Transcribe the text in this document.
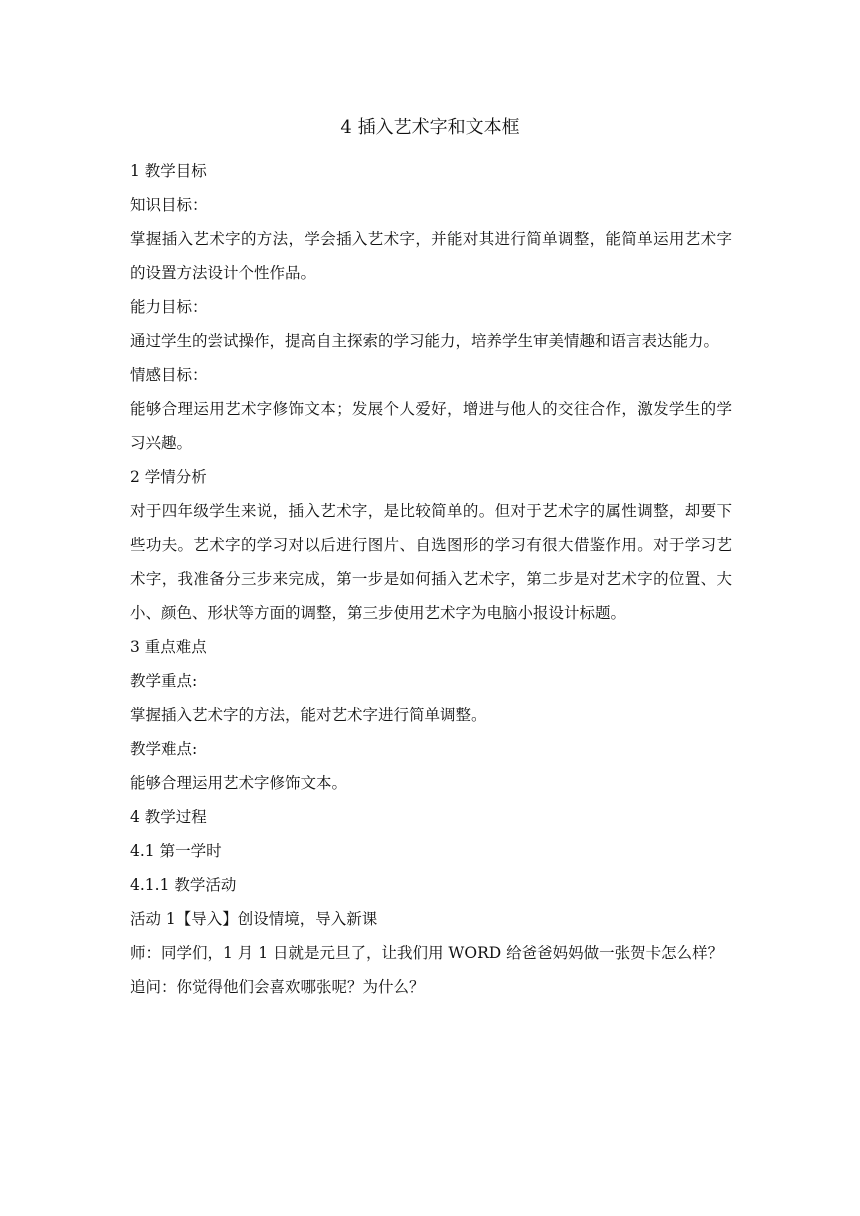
4 插入艺术字和文本框

1 教学目标

知识目标：

掌握插入艺术字的方法，学会插入艺术字，并能对其进行简单调整，能简单运用艺术字的设置方法设计个性作品。

能力目标：

通过学生的尝试操作，提高自主探索的学习能力，培养学生审美情趣和语言表达能力。

情感目标：

能够合理运用艺术字修饰文本；发展个人爱好，增进与他人的交往合作，激发学生的学习兴趣。

2 学情分析

对于四年级学生来说，插入艺术字，是比较简单的。但对于艺术字的属性调整，却要下些功夫。艺术字的学习对以后进行图片、自选图形的学习有很大借鉴作用。对于学习艺术字，我准备分三步来完成，第一步是如何插入艺术字，第二步是对艺术字的位置、大小、颜色、形状等方面的调整，第三步使用艺术字为电脑小报设计标题。

3 重点难点

教学重点:

掌握插入艺术字的方法，能对艺术字进行简单调整。

教学难点:

能够合理运用艺术字修饰文本。

4 教学过程

4.1 第一学时

4.1.1 教学活动

活动 1【导入】创设情境，导入新课

师：同学们，1 月 1 日就是元旦了，让我们用 WORD 给爸爸妈妈做一张贺卡怎么样？

追问：你觉得他们会喜欢哪张呢？为什么？
